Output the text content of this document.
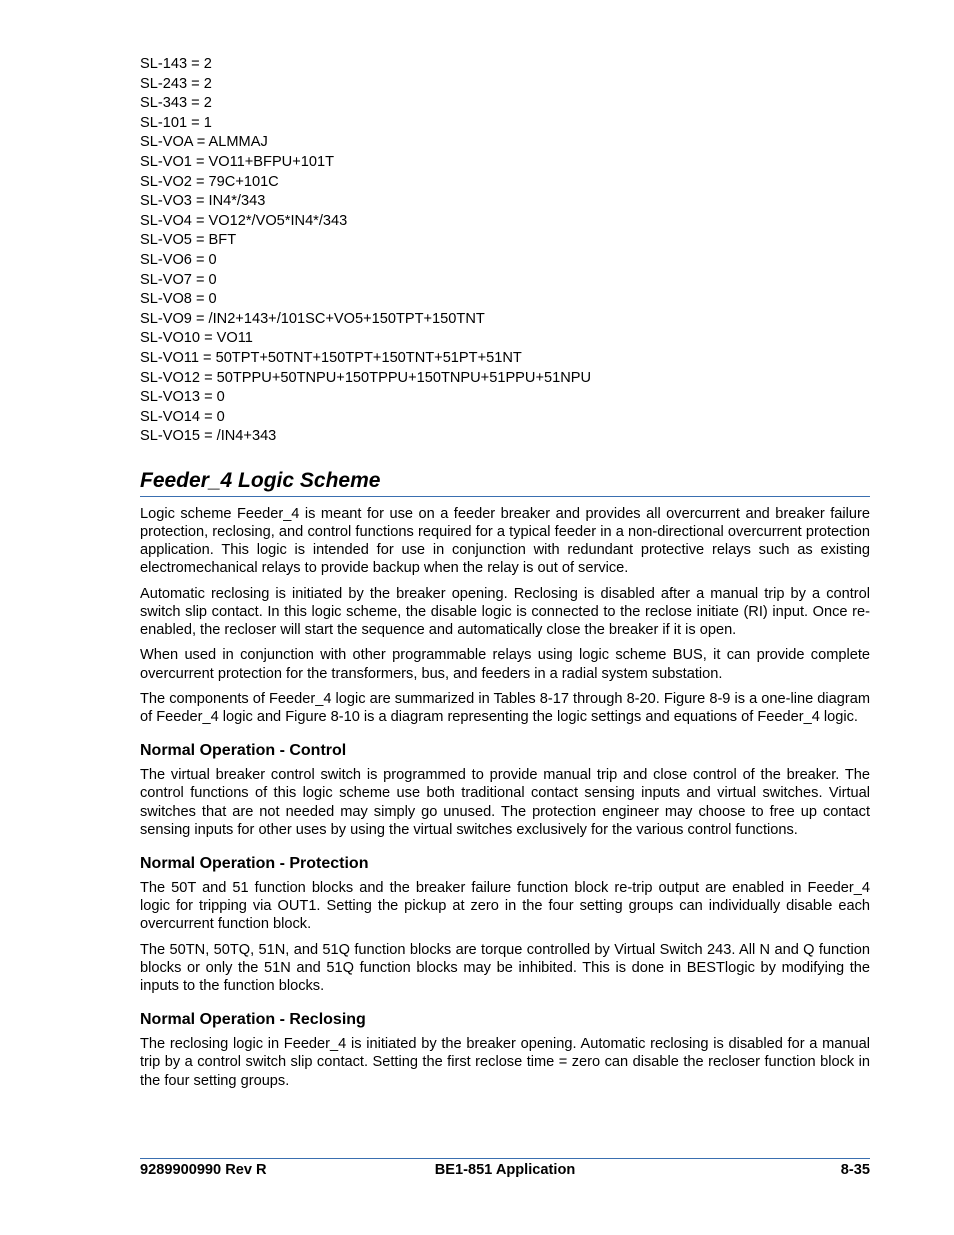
SL-143 = 2
SL-243 = 2
SL-343 = 2
SL-101 = 1
SL-VOA = ALMMAJ
SL-VO1 = VO11+BFPU+101T
SL-VO2 = 79C+101C
SL-VO3 = IN4*/343
SL-VO4 = VO12*/VO5*IN4*/343
SL-VO5 = BFT
SL-VO6 = 0
SL-VO7 = 0
SL-VO8 = 0
SL-VO9 = /IN2+143+/101SC+VO5+150TPT+150TNT
SL-VO10 = VO11
SL-VO11 = 50TPT+50TNT+150TPT+150TNT+51PT+51NT
SL-VO12 = 50TPPU+50TNPU+150TPPU+150TNPU+51PPU+51NPU
SL-VO13 = 0
SL-VO14 = 0
SL-VO15 = /IN4+343
Feeder_4 Logic Scheme

Logic scheme Feeder_4 is meant for use on a feeder breaker and provides all overcurrent and breaker failure protection, reclosing, and control functions required for a typical feeder in a non-directional overcurrent protection application. This logic is intended for use in conjunction with redundant protective relays such as existing electromechanical relays to provide backup when the relay is out of service.

Automatic reclosing is initiated by the breaker opening. Reclosing is disabled after a manual trip by a control switch slip contact. In this logic scheme, the disable logic is connected to the reclose initiate (RI) input. Once re-enabled, the recloser will start the sequence and automatically close the breaker if it is open.

When used in conjunction with other programmable relays using logic scheme BUS, it can provide complete overcurrent protection for the transformers, bus, and feeders in a radial system substation.

The components of Feeder_4 logic are summarized in Tables 8-17 through 8-20. Figure 8-9 is a one-line diagram of Feeder_4 logic and Figure 8-10 is a diagram representing the logic settings and equations of Feeder_4 logic.

Normal Operation - Control

The virtual breaker control switch is programmed to provide manual trip and close control of the breaker. The control functions of this logic scheme use both traditional contact sensing inputs and virtual switches. Virtual switches that are not needed may simply go unused. The protection engineer may choose to free up contact sensing inputs for other uses by using the virtual switches exclusively for the various control functions.

Normal Operation - Protection

The 50T and 51 function blocks and the breaker failure function block re-trip output are enabled in Feeder_4 logic for tripping via OUT1. Setting the pickup at zero in the four setting groups can individually disable each overcurrent function block.

The 50TN, 50TQ, 51N, and 51Q function blocks are torque controlled by Virtual Switch 243. All N and Q function blocks or only the 51N and 51Q function blocks may be inhibited. This is done in BESTlogic by modifying the inputs to the function blocks.

Normal Operation - Reclosing

The reclosing logic in Feeder_4 is initiated by the breaker opening. Automatic reclosing is disabled for a manual trip by a control switch slip contact. Setting the first reclose time = zero can disable the recloser function block in the four setting groups.

9289900990 Rev R	BE1-851 Application	8-35
